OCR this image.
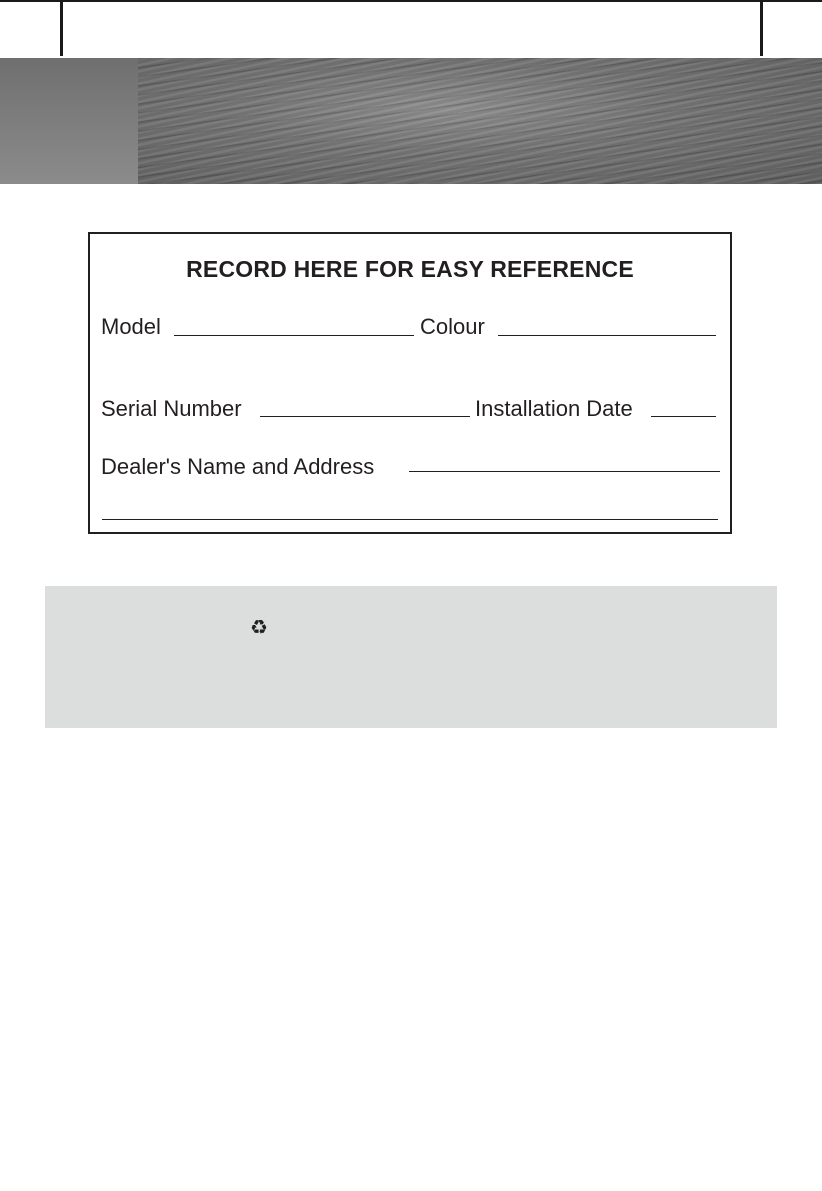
RECORD HERE FOR EASY REFERENCE
Model	Colour
Serial Number	Installation Date
Dealer's Name and Address
♻
